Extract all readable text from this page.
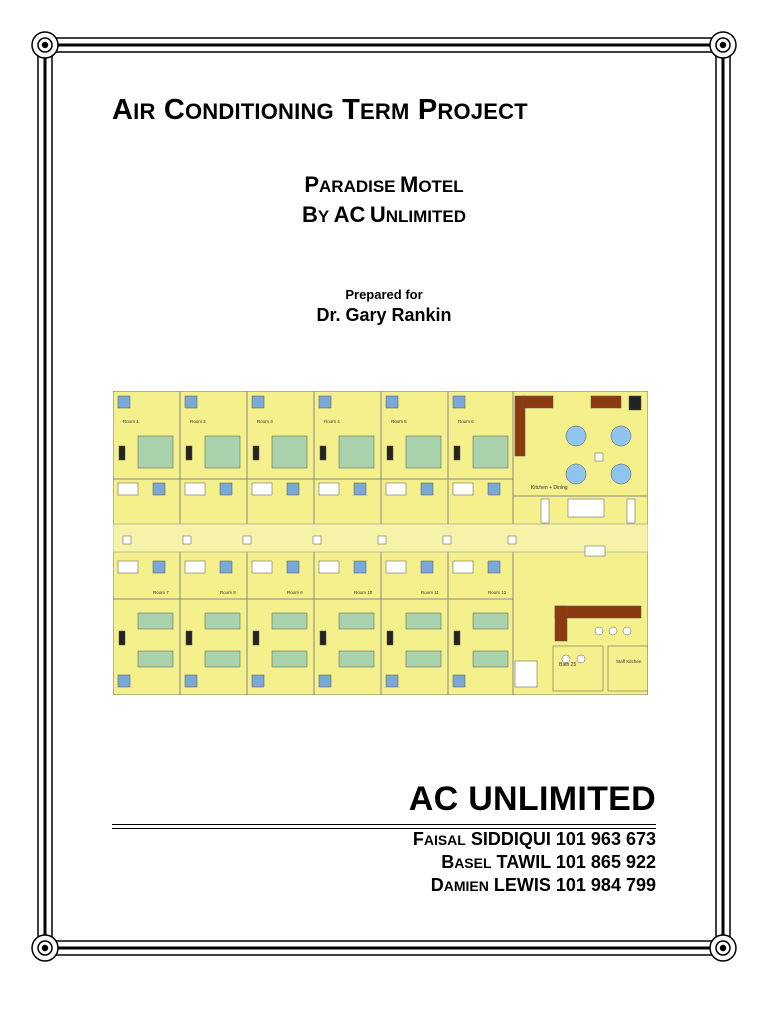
AIR CONDITIONING TERM PROJECT
PARADISE MOTEL
BY AC UNLIMITED
Prepared for
Dr. Gary Rankin
Room 1	Room 2	Room 3	Room 4	Room 5	Room 6
Room 7	Room 8	Room 9	Room 10	Room 11	Room 12
Kitchen + Dining
Bath 25
Staff Kitchen
AC UNLIMITED
FAISAL SIDDIQUI 101 963 673
BASEL TAWIL 101 865 922
DAMIEN LEWIS 101 984 799
